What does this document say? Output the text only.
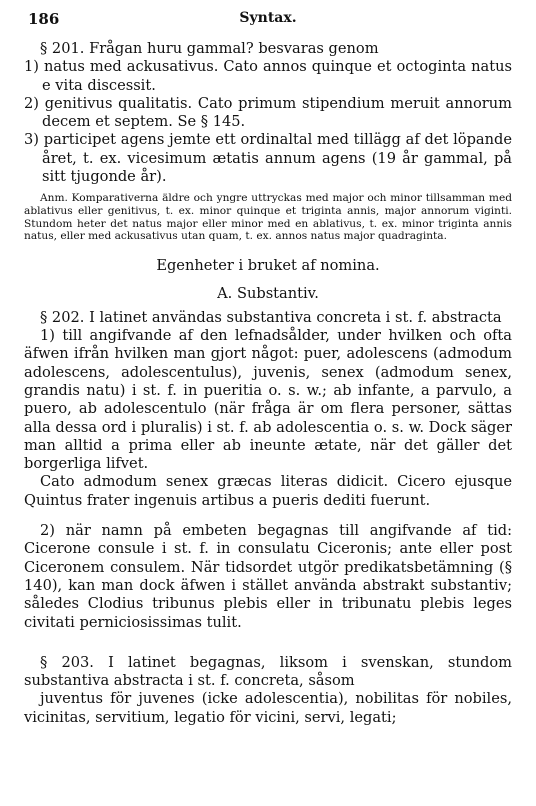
186	Syntax.

§ 201. Frågan huru gammal? besvaras genom

1) natus med ackusativus. Cato annos quinque et octoginta natus e vita discessit.

2) genitivus qualitatis. Cato primum stipendium meruit annorum decem et septem. Se § 145.

3) participet agens jemte ett ordinaltal med tillägg af det löpande året, t. ex. vicesimum ætatis annum agens (19 år gammal, på sitt tjugonde år).

Anm. Komparativerna äldre och yngre uttryckas med major och minor tillsamman med ablativus eller genitivus, t. ex. minor quinque et triginta annis, major annorum viginti. Stundom heter det natus major eller minor med en ablativus, t. ex. minor triginta annis natus, eller med ackusativus utan quam, t. ex. annos natus major quadraginta.

Egenheter i bruket af nomina.

A. Substantiv.

§ 202. I latinet användas substantiva concreta i st. f. abstracta

1) till angifvande af den lefnadsålder, under hvilken och ofta äfwen ifrån hvilken man gjort något: puer, adolescens (admodum adolescens, adolescentulus), juvenis, senex (admodum senex, grandis natu) i st. f. in pueritia o. s. w.; ab infante, a parvulo, a puero, ab adolescentulo (när fråga är om flera personer, sättas alla dessa ord i pluralis) i st. f. ab adolescentia o. s. w. Dock säger man alltid a prima eller ab ineunte ætate, när det gäller det borgerliga lifvet.

Cato admodum senex græcas literas didicit. Cicero ejusque Quintus frater ingenuis artibus a pueris dediti fuerunt.

2) när namn på embeten begagnas till angifvande af tid: Cicerone consule i st. f. in consulatu Ciceronis; ante eller post Ciceronem consulem. När tidsordet utgör predikatsbetämning (§ 140), kan man dock äfwen i stället använda abstrakt substantiv; således Clodius tribunus plebis eller in tribunatu plebis leges civitati perniciosissimas tulit.

§ 203. I latinet begagnas, liksom i svenskan, stundom substantiva abstracta i st. f. concreta, såsom

juventus för juvenes (icke adolescentia), nobilitas för nobiles, vicinitas, servitium, legatio för vicini, servi, legati;
